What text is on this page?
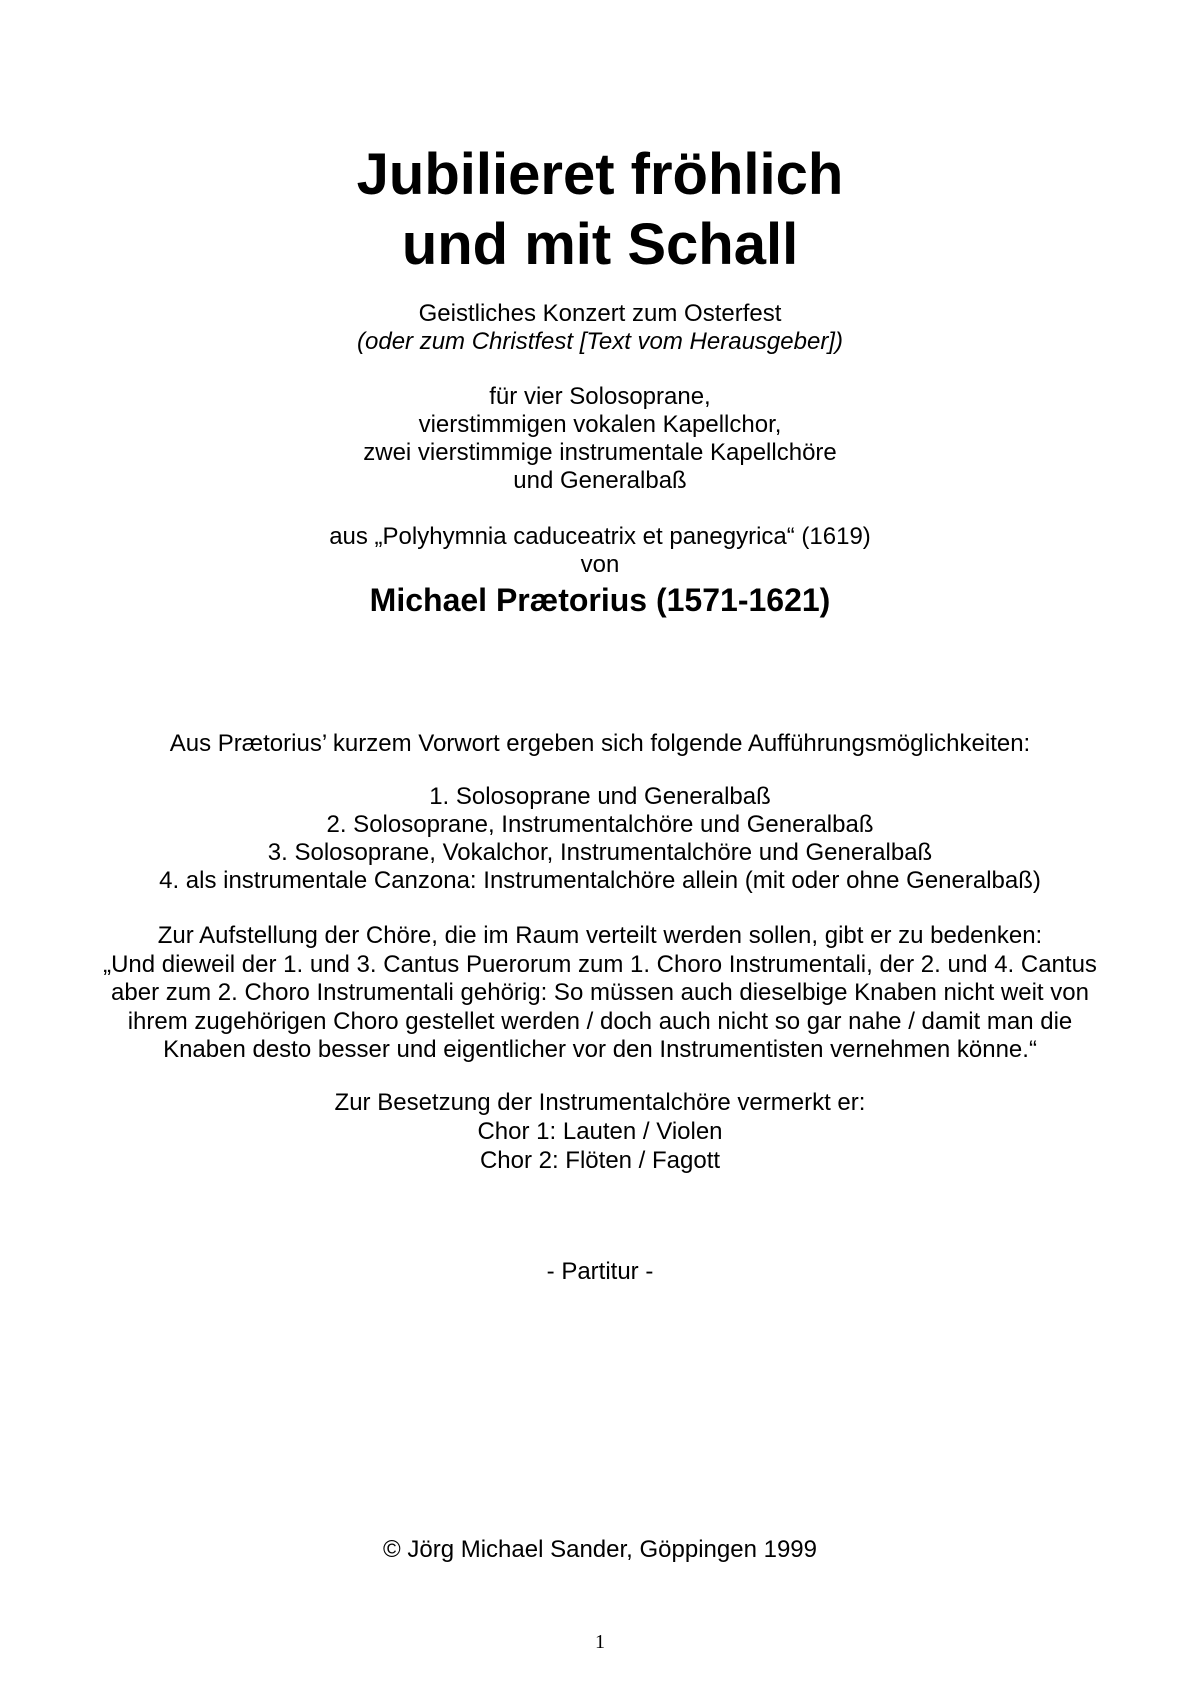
Jubilieret fröhlich
und mit Schall
Geistliches Konzert zum Osterfest
(oder zum Christfest [Text vom Herausgeber])
für vier Solosoprane,
vierstimmigen vokalen Kapellchor,
zwei vierstimmige instrumentale Kapellchöre
und Generalbaß
aus „Polyhymnia caduceatrix et panegyrica“ (1619)
von
Michael Prætorius (1571-1621)
Aus Prætorius’ kurzem Vorwort ergeben sich folgende Aufführungsmöglichkeiten:
1. Solosoprane und Generalbaß
2. Solosoprane, Instrumentalchöre und Generalbaß
3. Solosoprane, Vokalchor, Instrumentalchöre und Generalbaß
4. als instrumentale Canzona: Instrumentalchöre allein (mit oder ohne Generalbaß)
Zur Aufstellung der Chöre, die im Raum verteilt werden sollen, gibt er zu bedenken:
„Und dieweil der 1. und 3. Cantus Puerorum zum 1. Choro Instrumentali, der 2. und 4. Cantus
aber zum 2. Choro Instrumentali gehörig: So müssen auch dieselbige Knaben nicht weit von
ihrem zugehörigen Choro gestellet werden / doch auch nicht so gar nahe / damit man die
Knaben desto besser und eigentlicher vor den Instrumentisten vernehmen könne.“
Zur Besetzung der Instrumentalchöre vermerkt er:
Chor 1: Lauten / Violen
Chor 2: Flöten / Fagott
- Partitur -
© Jörg Michael Sander, Göppingen 1999
1
